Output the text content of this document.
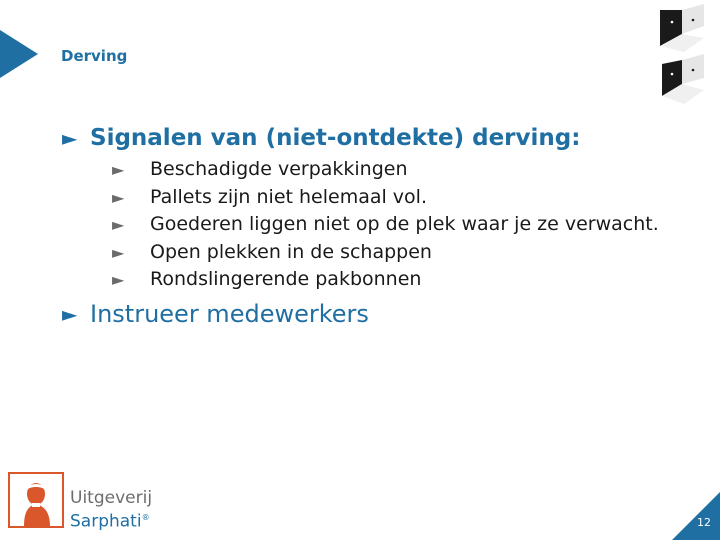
Derving
► Signalen van (niet-ontdekte) derving:
► Beschadigde verpakkingen
► Pallets zijn niet helemaal vol.
► Goederen liggen niet op de plek waar je ze verwacht.
► Open plekken in de schappen
► Rondslingerende pakbonnen
► Instrueer medewerkers
Uitgeverij
Sarphati®	12
